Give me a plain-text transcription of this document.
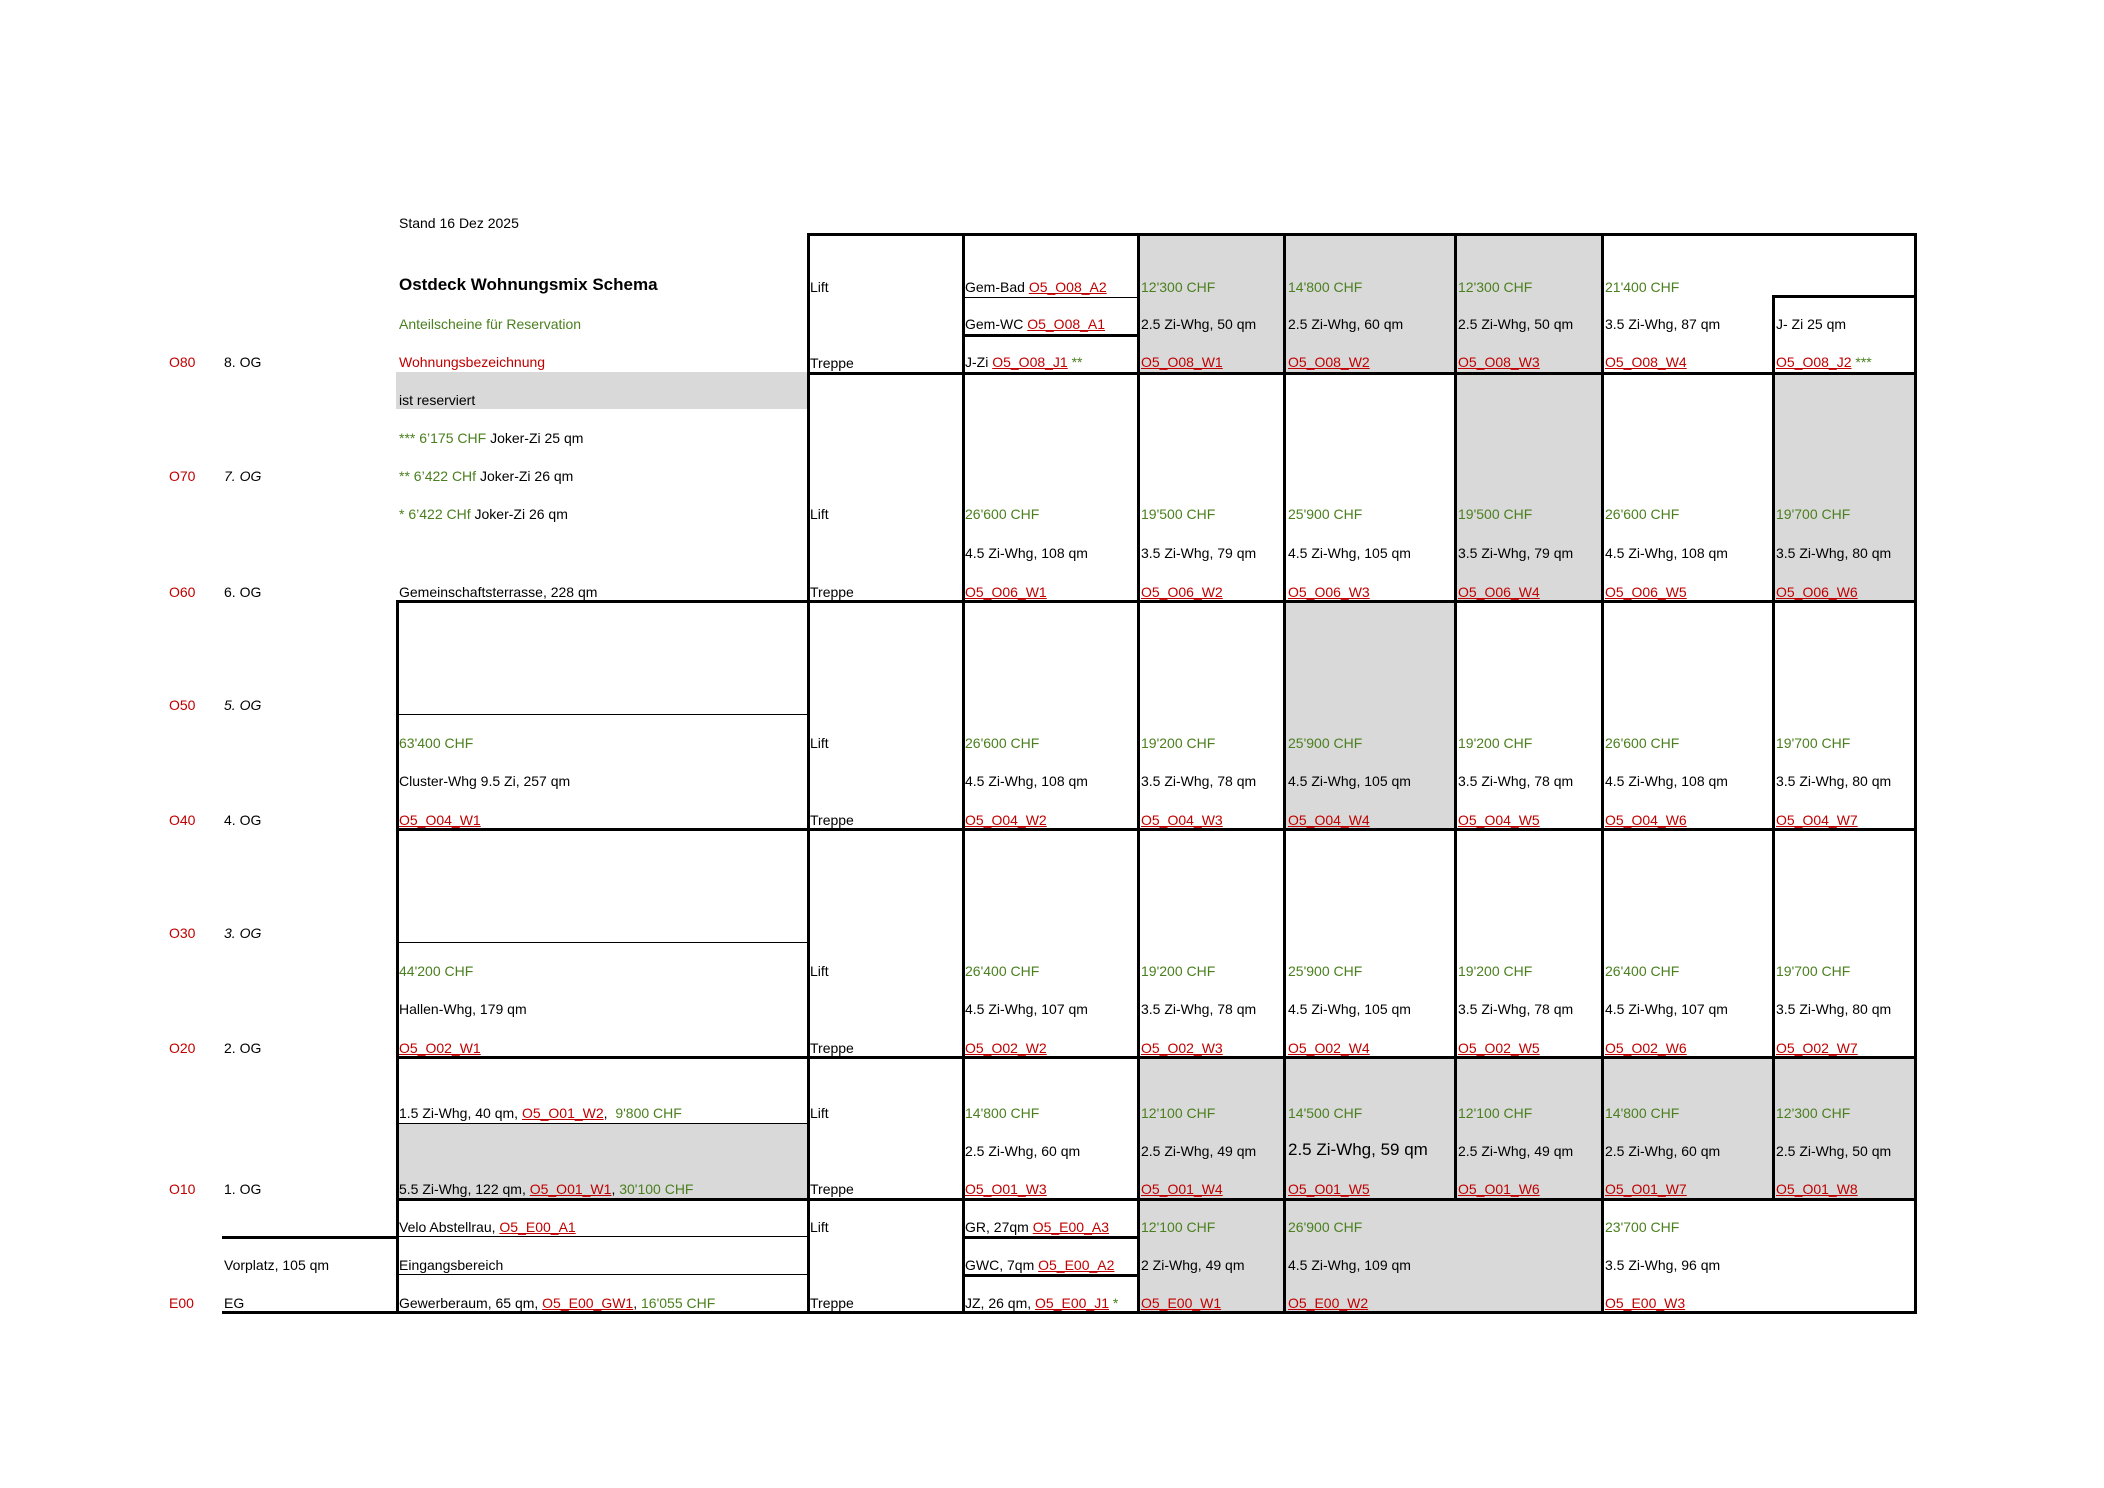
Stand 16 Dez 2025
Ostdeck Wohnungsmix Schema
Anteilscheine für Reservation
Wohnungsbezeichnung
ist reserviert
*** 6’175 CHF Joker-Zi 25 qm
** 6’422 CHf Joker-Zi 26 qm
* 6’422 CHf Joker-Zi 26 qm
Gemeinschaftsterrasse, 228 qm
O80
O70
O60
O50
O40
O30
O20
O10
E00
8. OG
7. OG
6. OG
5. OG
4. OG
3. OG
2. OG
1. OG
Vorplatz, 105 qm
EG
Lift
Treppe
Lift
Treppe
Lift
Treppe
Lift
Treppe
Lift
Treppe
Lift
Treppe
Gem-Bad O5_O08_A2
Gem-WC O5_O08_A1
J-Zi O5_O08_J1 **
12'300 CHF
2.5 Zi-Whg, 50 qm
O5_O08_W1
14'800 CHF
2.5 Zi-Whg, 60 qm
O5_O08_W2
12'300 CHF
2.5 Zi-Whg, 50 qm
O5_O08_W3
21'400 CHF
3.5 Zi-Whg, 87 qm
O5_O08_W4
J- Zi 25 qm
O5_O08_J2 ***
26'600 CHF
4.5 Zi-Whg, 108 qm
O5_O06_W1
19'500 CHF
3.5 Zi-Whg, 79 qm
O5_O06_W2
25'900 CHF
4.5 Zi-Whg, 105 qm
O5_O06_W3
19'500 CHF
3.5 Zi-Whg, 79 qm
O5_O06_W4
26'600 CHF
4.5 Zi-Whg, 108 qm
O5_O06_W5
19'700 CHF
3.5 Zi-Whg, 80 qm
O5_O06_W6
63'400 CHF
Cluster-Whg 9.5 Zi, 257 qm
O5_O04_W1
26'600 CHF
4.5 Zi-Whg, 108 qm
O5_O04_W2
19'200 CHF
3.5 Zi-Whg, 78 qm
O5_O04_W3
25'900 CHF
4.5 Zi-Whg, 105 qm
O5_O04_W4
19'200 CHF
3.5 Zi-Whg, 78 qm
O5_O04_W5
26'600 CHF
4.5 Zi-Whg, 108 qm
O5_O04_W6
19'700 CHF
3.5 Zi-Whg, 80 qm
O5_O04_W7
44'200 CHF
Hallen-Whg, 179 qm
O5_O02_W1
26'400 CHF
4.5 Zi-Whg, 107 qm
O5_O02_W2
19'200 CHF
3.5 Zi-Whg, 78 qm
O5_O02_W3
25'900 CHF
4.5 Zi-Whg, 105 qm
O5_O02_W4
19'200 CHF
3.5 Zi-Whg, 78 qm
O5_O02_W5
26'400 CHF
4.5 Zi-Whg, 107 qm
O5_O02_W6
19'700 CHF
3.5 Zi-Whg, 80 qm
O5_O02_W7
1.5 Zi-Whg, 40 qm, O5_O01_W2,  9'800 CHF
5.5 Zi-Whg, 122 qm, O5_O01_W1, 30'100 CHF
14'800 CHF
2.5 Zi-Whg, 60 qm
O5_O01_W3
12'100 CHF
2.5 Zi-Whg, 49 qm
O5_O01_W4
14'500 CHF
2.5 Zi-Whg, 59 qm
O5_O01_W5
12'100 CHF
2.5 Zi-Whg, 49 qm
O5_O01_W6
14'800 CHF
2.5 Zi-Whg, 60 qm
O5_O01_W7
12'300 CHF
2.5 Zi-Whg, 50 qm
O5_O01_W8
Velo Abstellrau, O5_E00_A1
Eingangsbereich
Gewerberaum, 65 qm, O5_E00_GW1, 16'055 CHF
GR, 27qm O5_E00_A3
GWC, 7qm O5_E00_A2
JZ, 26 qm, O5_E00_J1 *
12'100 CHF
2 Zi-Whg, 49 qm
O5_E00_W1
26'900 CHF
4.5 Zi-Whg, 109 qm
O5_E00_W2
23'700 CHF
3.5 Zi-Whg, 96 qm
O5_E00_W3
